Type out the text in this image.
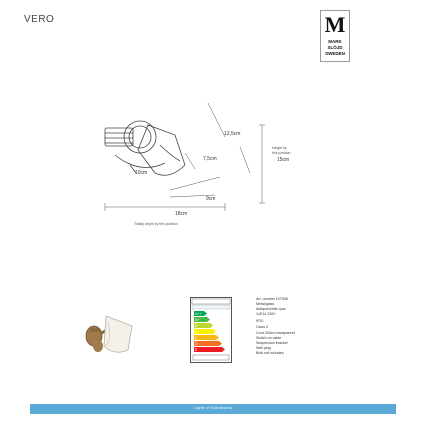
VERO	M
MARK
SLÖJD
SWEDEN
12,5cm
7,5cm
10cm
9cm
18cm
Totally depth by this position
Height by
this position
15cm
A++
A+
A
B
C
D
E
Art. number 107508
Metal/glass
Antique/white opal
1xE14 230V
IP20
Class II
Cord 200cm transparent
Switch on cable
Suspension bracket
Wall plug
Bulb not included
Lights of Scandinavia
